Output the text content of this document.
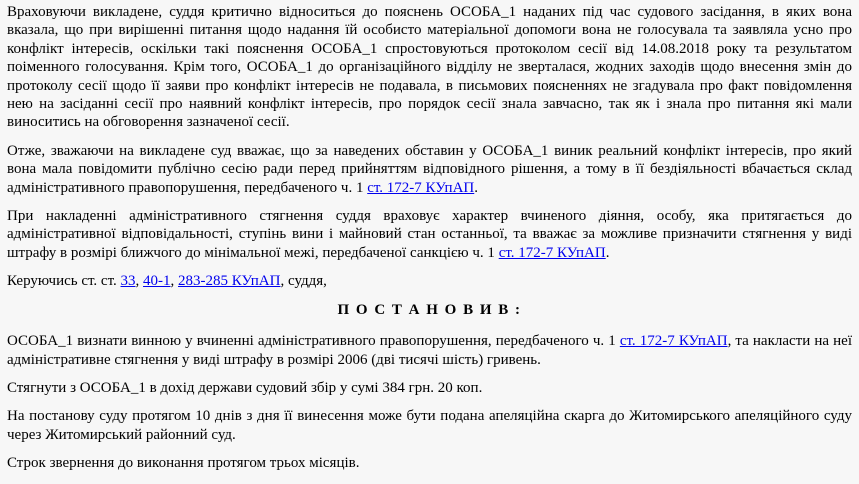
Враховуючи викладене, суддя критично відноситься до пояснень ОСОБА_1 наданих під час судового засідання, в яких вона вказала, що при вирішенні питання щодо надання їй особисто матеріальної допомоги вона не голосувала та заявляла усно про конфлікт інтересів, оскільки такі пояснення ОСОБА_1 спростовуються протоколом сесії від 14.08.2018 року та результатом поіменного голосування. Крім того, ОСОБА_1 до організаційного відділу не зверталася, жодних заходів щодо внесення змін до протоколу сесії щодо її заяви про конфлікт інтересів не подавала, в письмових поясненнях не згадувала про факт повідомлення нею на засіданні сесії про наявний конфлікт інтересів, про порядок сесії знала завчасно, так як і знала про питання які мали виноситись на обговорення зазначеної сесії.

Отже, зважаючи на викладене суд вважає, що за наведених обставин у ОСОБА_1 виник реальний конфлікт інтересів, про який вона мала повідомити публічно сесію ради перед прийняттям відповідного рішення, а тому в її бездіяльності вбачається склад адміністративного правопорушення, передбаченого ч. 1 ст. 172-7 КУпАП.

При накладенні адміністративного стягнення суддя враховує характер вчиненого діяння, особу, яка притягається до адміністративної відповідальності, ступінь вини і майновий стан останньої, та вважає за можливе призначити стягнення у виді штрафу в розмірі ближчого до мінімальної межі, передбаченої санкцією ч. 1 ст. 172-7 КУпАП.

Керуючись ст. ст. 33, 40-1, 283-285 КУпАП, суддя,

П О С Т А Н О В И В :

ОСОБА_1 визнати винною у вчиненні адміністративного правопорушення, передбаченого ч. 1 ст. 172-7 КУпАП, та накласти на неї адміністративне стягнення у виді штрафу в розмірі 2006 (дві тисячі шість) гривень.

Стягнути з ОСОБА_1 в дохід держави судовий збір у сумі 384 грн. 20 коп.

На постанову суду протягом 10 днів з дня її винесення може бути подана апеляційна скарга до Житомирського апеляційного суду через Житомирський районний суд.

Строк звернення до виконання протягом трьох місяців.
